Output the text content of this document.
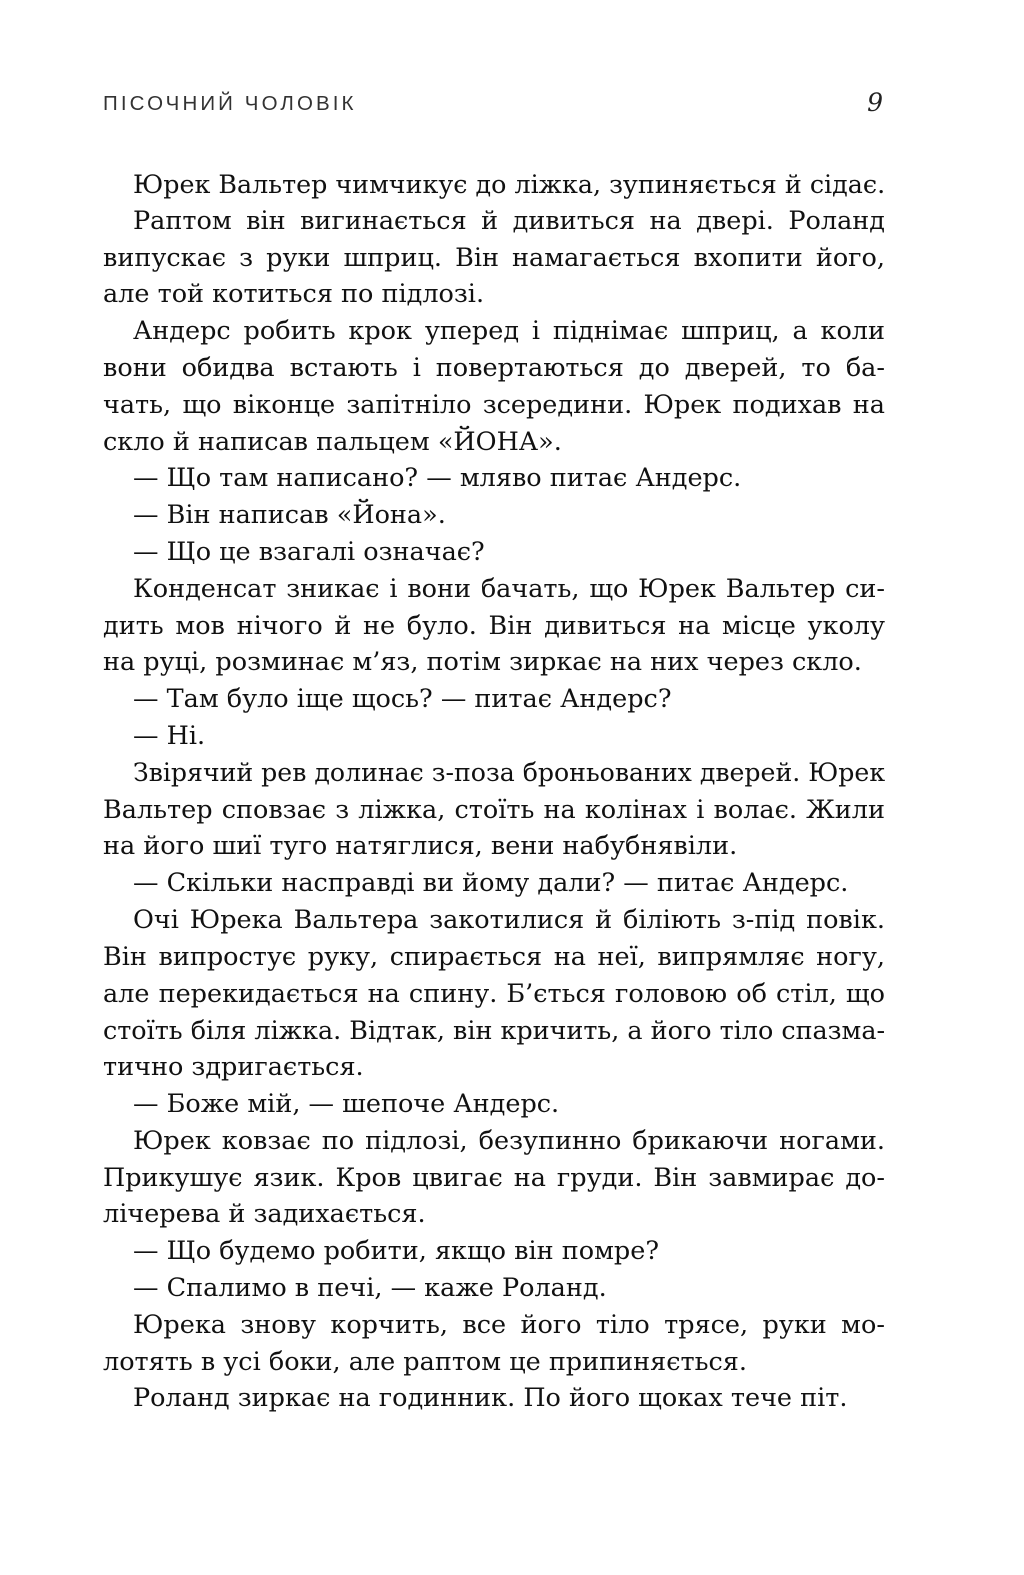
ПІСОЧНИЙ ЧОЛОВІК	9
Юрек Вальтер чимчикує до ліжка, зупиняється й сідає.
Раптом він вигинається й дивиться на двері. Роланд
випускає з руки шприц. Він намагається вхопити його,
але той котиться по підлозі.
Андерс робить крок уперед і піднімає шприц, а коли
вони обидва встають і повертаються до дверей, то ба-
чать, що віконце запітніло зсередини. Юрек подихав на
скло й написав пальцем «ЙОНА».
— Що там написано? — мляво питає Андерс.
— Він написав «Йона».
— Що це взагалі означає?
Конденсат зникає і вони бачать, що Юрек Вальтер си-
дить мов нічого й не було. Він дивиться на місце уколу
на руці, розминає м’яз, потім зиркає на них через скло.
— Там було іще щось? — питає Андерс?
— Ні.
Звірячий рев долинає з-поза броньованих дверей. Юрек
Вальтер сповзає з ліжка, стоїть на колінах і волає. Жили
на його шиї туго натяглися, вени набубнявіли.
— Скільки насправді ви йому дали? — питає Андерс.
Очі Юрека Вальтера закотилися й білiють з-під повік.
Він випростує руку, спирається на неї, випрямляє ногу,
але перекидається на спину. Б’ється головою об стіл, що
стоїть біля ліжка. Відтак, він кричить, а його тіло спазма-
тично здригається.
— Боже мій, — шепоче Андерс.
Юрек ковзає по підлозі, безупинно брикаючи ногами.
Прикушує язик. Кров цвигає на груди. Він завмирає до-
лічерева й задихається.
— Що будемо робити, якщо він помре?
— Спалимо в печі, — каже Роланд.
Юрека знову корчить, все його тіло трясе, руки мо-
лотять в усі боки, але раптом це припиняється.
Роланд зиркає на годинник. По його щоках тече піт.
